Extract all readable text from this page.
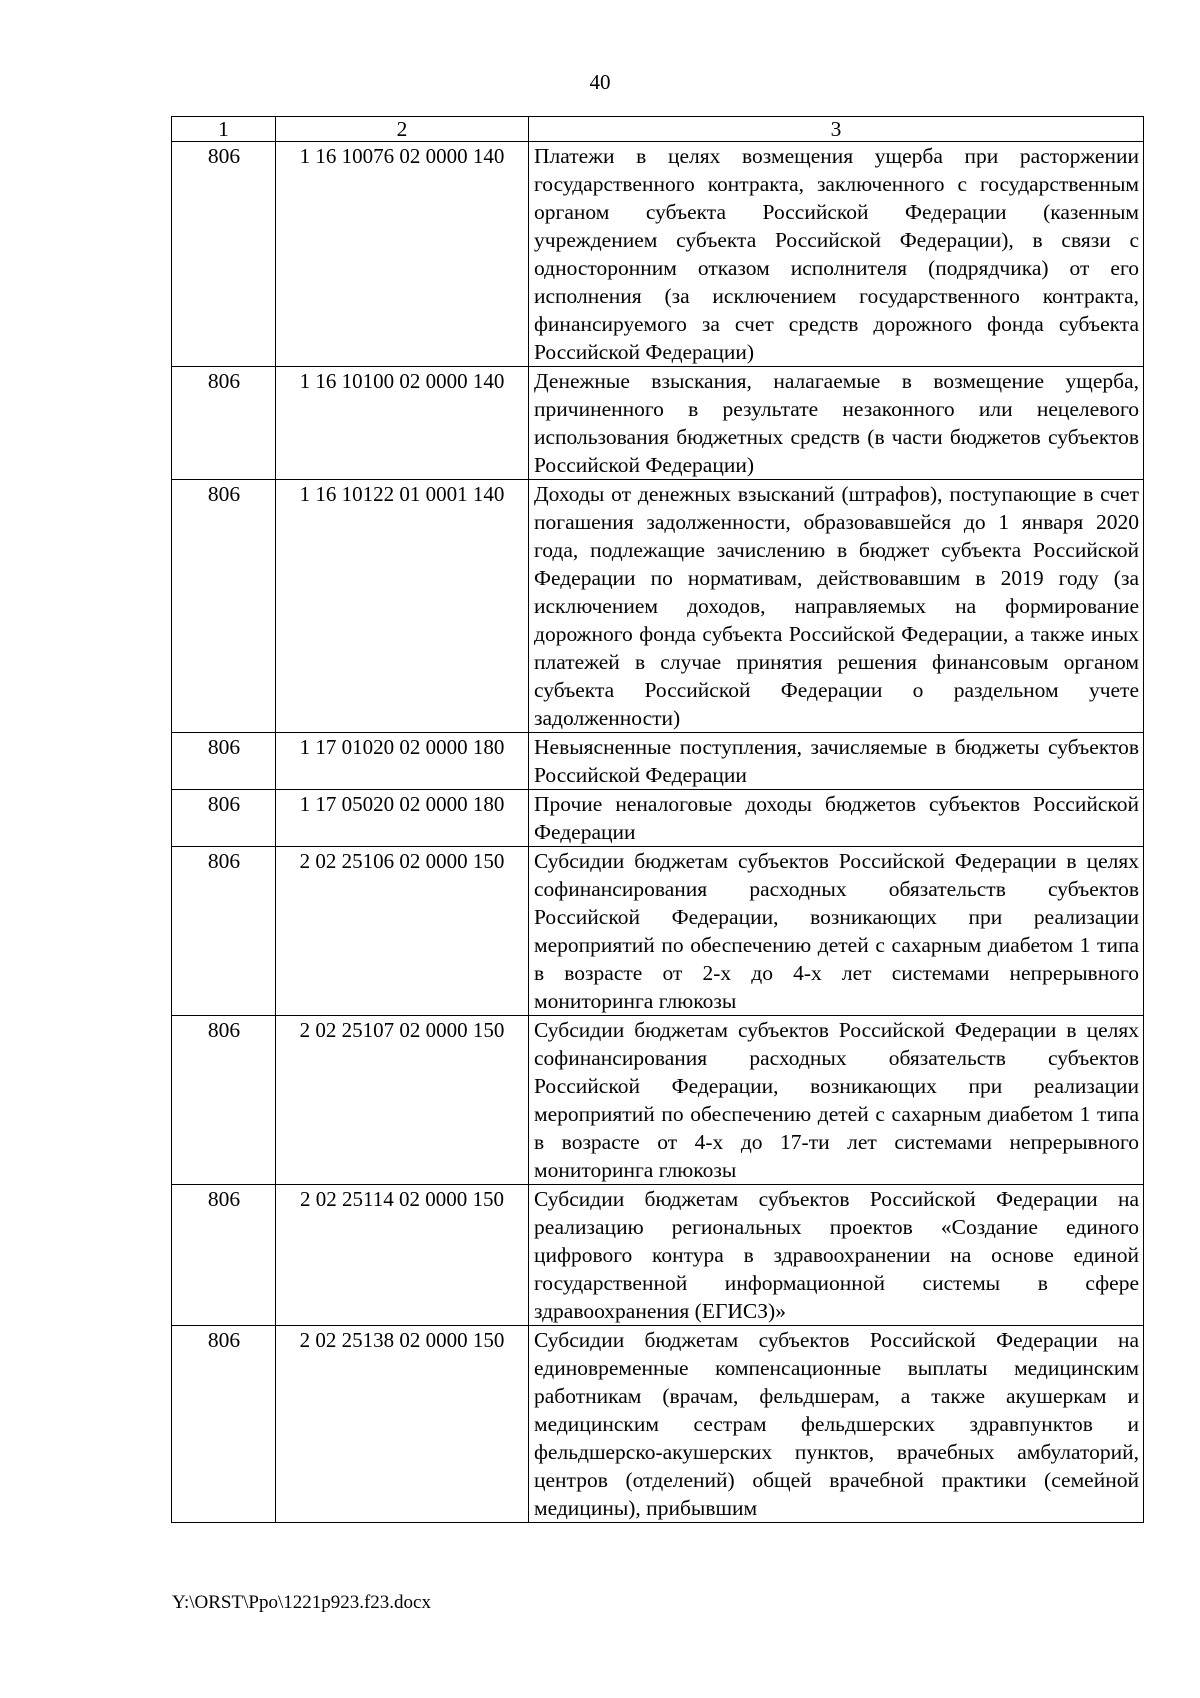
40
1	2	3
806	1 16 10076 02 0000 140	Платежи в целях возмещения ущерба при расторжении государственного контракта, заключенного с государственным органом субъекта Российской Федерации (казенным учреждением субъекта Российской Федерации), в связи с односторонним отказом исполнителя (подрядчика) от его исполнения (за исключением государственного контракта, финансируемого за счет средств дорожного фонда субъекта Российской Федерации)
806	1 16 10100 02 0000 140	Денежные взыскания, налагаемые в возмещение ущерба, причиненного в результате незаконного или нецелевого использования бюджетных средств (в части бюджетов субъектов Российской Федерации)
806	1 16 10122 01 0001 140	Доходы от денежных взысканий (штрафов), поступающие в счет погашения задолженности, образовавшейся до 1 января 2020 года, подлежащие зачислению в бюджет субъекта Российской Федерации по нормативам, действовавшим в 2019 году (за исключением доходов, направляемых на формирование дорожного фонда субъекта Российской Федерации, а также иных платежей в случае принятия решения финансовым органом субъекта Российской Федерации о раздельном учете задолженности)
806	1 17 01020 02 0000 180	Невыясненные поступления, зачисляемые в бюджеты субъектов Российской Федерации
806	1 17 05020 02 0000 180	Прочие неналоговые доходы бюджетов субъектов Российской Федерации
806	2 02 25106 02 0000 150	Субсидии бюджетам субъектов Российской Федерации в целях софинансирования расходных обязательств субъектов Российской Федерации, возникающих при реализации мероприятий по обеспечению детей с сахарным диабетом 1 типа в возрасте от 2-х до 4-х лет системами непрерывного мониторинга глюкозы
806	2 02 25107 02 0000 150	Субсидии бюджетам субъектов Российской Федерации в целях софинансирования расходных обязательств субъектов Российской Федерации, возникающих при реализации мероприятий по обеспечению детей с сахарным диабетом 1 типа в возрасте от 4-х до 17-ти лет системами непрерывного мониторинга глюкозы
806	2 02 25114 02 0000 150	Субсидии бюджетам субъектов Российской Федерации на реализацию региональных проектов «Создание единого цифрового контура в здравоохранении на основе единой государственной информационной системы в сфере здравоохранения (ЕГИСЗ)»
806	2 02 25138 02 0000 150	Субсидии бюджетам субъектов Российской Федерации на единовременные компенсационные выплаты медицинским работникам (врачам, фельдшерам, а также акушеркам и медицинским сестрам фельдшерских здравпунктов и фельдшерско-акушерских пунктов, врачебных амбулаторий, центров (отделений) общей врачебной практики (семейной медицины), прибывшим
Y:\ORST\Ppo\1221p923.f23.docx
